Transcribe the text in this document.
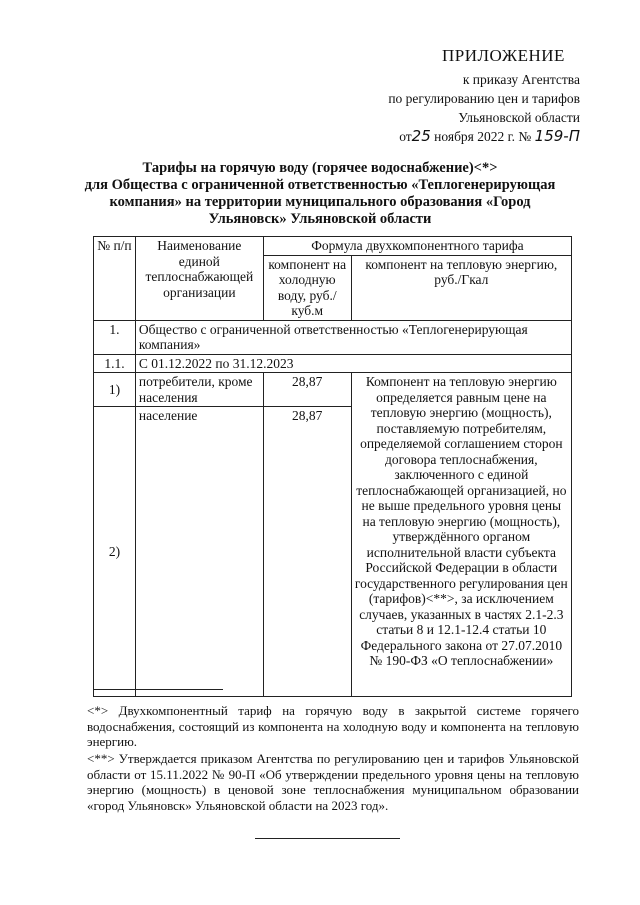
ПРИЛОЖЕНИЕ
к приказу Агентства
по регулированию цен и тарифов
Ульяновской области
от25 ноября 2022 г. № 159-П
Тарифы на горячую воду (горячее водоснабжение)<*>
для Общества с ограниченной ответственностью «Теплогенерирующая
компания» на территории муниципального образования «Город
Ульяновск» Ульяновской области
№ п/п	Наименование единой теплоснабжающей организации	Формула двухкомпонентного тарифа	
		компонент на холодную воду, руб./куб.м	компонент на тепловую энергию, руб./Гкал
1.	Общество с ограниченной ответственностью «Теплогенерирующая компания»		
1.1.	С 01.12.2022 по 31.12.2023		
1)	потребители, кроме населения	28,87	Компонент на тепловую энергию определяется равным цене на тепловую энергию (мощность), поставляемую потребителям, определяемой соглашением сторон договора теплоснабжения, заключенного с единой теплоснабжающей организацией, но не выше предельного уровня цены на тепловую энергию (мощность), утверждённого органом исполнительной власти субъекта Российской Федерации в области государственного регулирования цен (тарифов)<**>, за исключением случаев, указанных в частях 2.1-2.3 статьи 8 и 12.1-12.4 статьи 10 Федерального закона от 27.07.2010 № 190-ФЗ «О теплоснабжении»
2)	население	28,87	
<*> Двухкомпонентный тариф на горячую воду в закрытой системе горячего водоснабжения, состоящий из компонента на холодную воду и компонента на тепловую энергию.
<**> Утверждается приказом Агентства по регулированию цен и тарифов Ульяновской области от 15.11.2022 № 90-П «Об утверждении предельного уровня цены на тепловую энергию (мощность) в ценовой зоне теплоснабжения муниципальном образовании «город Ульяновск» Ульяновской области на 2023 год».
